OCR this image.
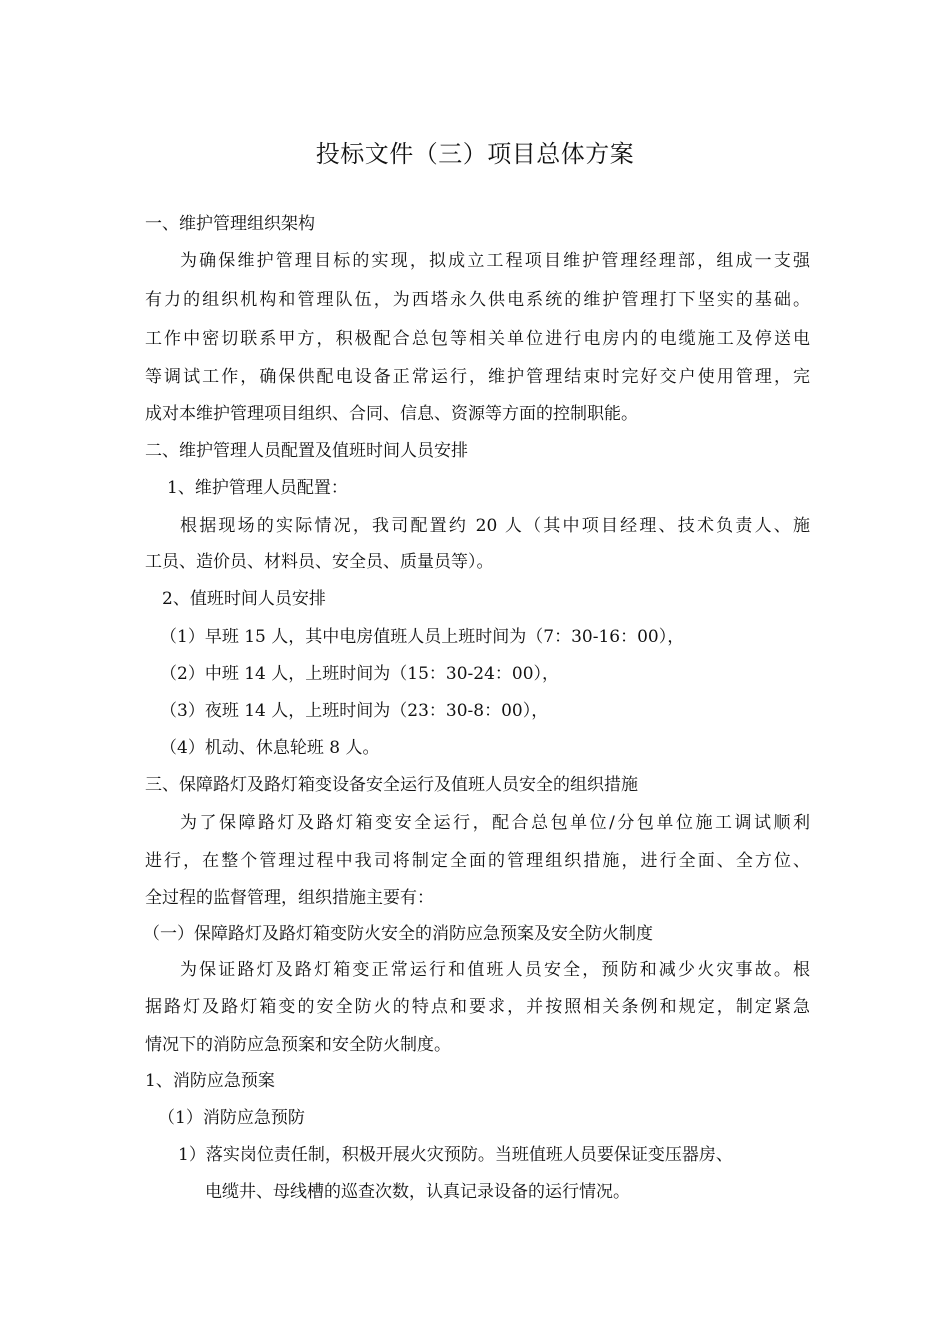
投标文件（三）项目总体方案
一、维护管理组织架构
为确保维护管理目标的实现，拟成立工程项目维护管理经理部，组成一支强
有力的组织机构和管理队伍，为西塔永久供电系统的维护管理打下坚实的基础。
工作中密切联系甲方，积极配合总包等相关单位进行电房内的电缆施工及停送电
等调试工作，确保供配电设备正常运行，维护管理结束时完好交户使用管理，完
成对本维护管理项目组织、合同、信息、资源等方面的控制职能。
二、维护管理人员配置及值班时间人员安排
1、维护管理人员配置：
根据现场的实际情况，我司配置约 20 人（其中项目经理、技术负责人、施
工员、造价员、材料员、安全员、质量员等）。
2、值班时间人员安排
（1）早班 15 人，其中电房值班人员上班时间为（7：30-16：00），
（2）中班 14 人，上班时间为（15：30-24：00），
（3）夜班 14 人，上班时间为（23：30-8：00），
（4）机动、休息轮班 8 人。
三、保障路灯及路灯箱变设备安全运行及值班人员安全的组织措施
为了保障路灯及路灯箱变安全运行，配合总包单位/分包单位施工调试顺利
进行，在整个管理过程中我司将制定全面的管理组织措施，进行全面、全方位、
全过程的监督管理，组织措施主要有：
（一）保障路灯及路灯箱变防火安全的消防应急预案及安全防火制度
为保证路灯及路灯箱变正常运行和值班人员安全，预防和减少火灾事故。根
据路灯及路灯箱变的安全防火的特点和要求，并按照相关条例和规定，制定紧急
情况下的消防应急预案和安全防火制度。
1、消防应急预案
（1）消防应急预防
1）落实岗位责任制，积极开展火灾预防。当班值班人员要保证变压器房、
电缆井、母线槽的巡查次数，认真记录设备的运行情况。
